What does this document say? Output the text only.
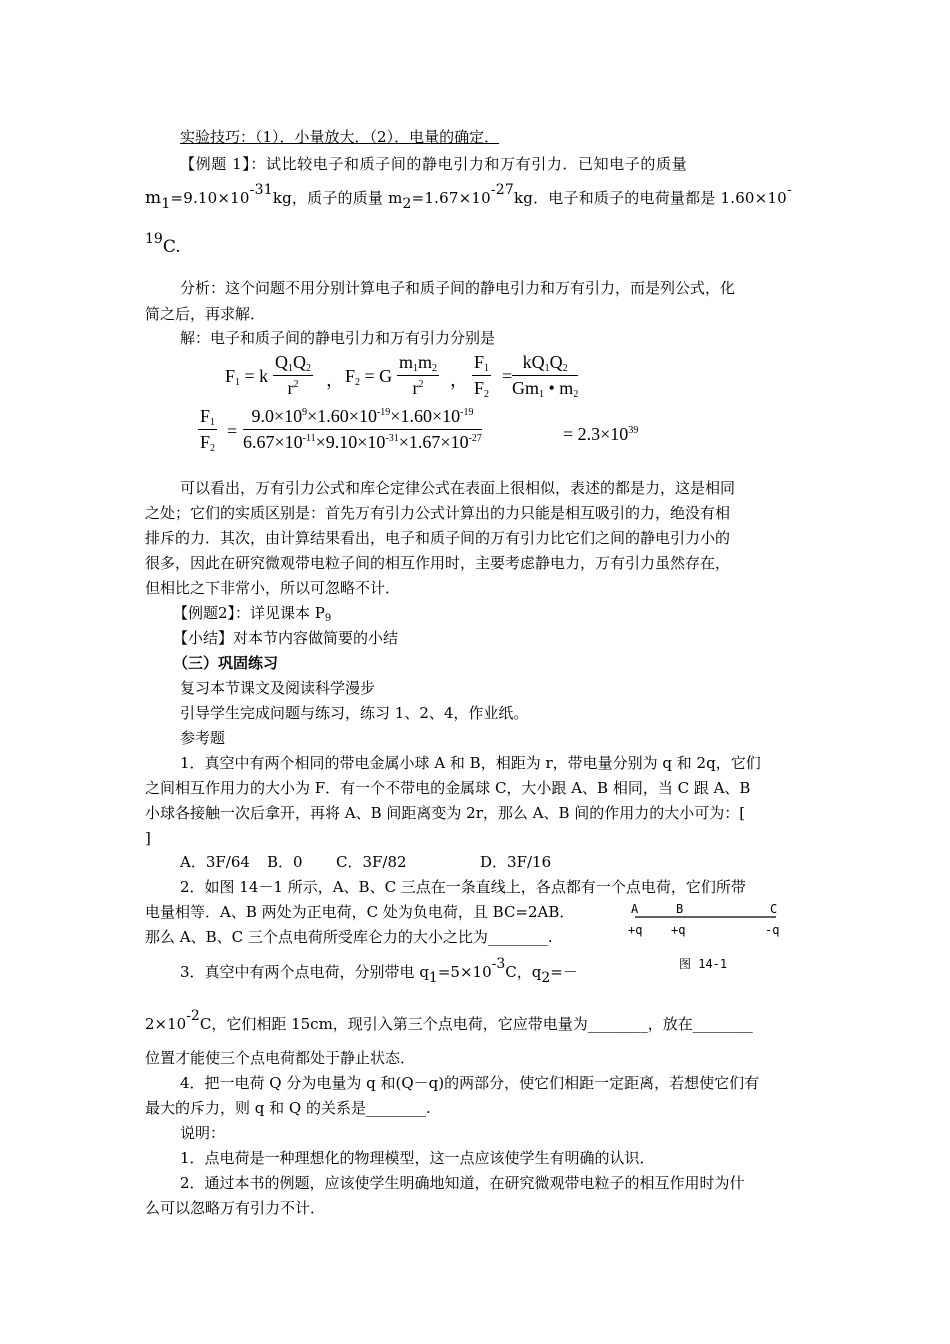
实验技巧：（1）．小量放大．（2）．电量的确定．
【例题 1】：试比较电子和质子间的静电引力和万有引力．已知电子的质量
m1=9.10×10-31kg，质子的质量 m2=1.67×10-27kg．电子和质子的电荷量都是 1.60×10-
19C.
分析：这个问题不用分别计算电子和质子间的静电引力和万有引力，而是列公式，化
简之后，再求解．
解：电子和质子间的静电引力和万有引力分别是
$F_1 = k \frac{Q_1Q_2}{r^2}$ ， $F_2 = G \frac{m_1m_2}{r^2}$ ， $\frac{F_1}{F_2} = \frac{kQ_1Q_2}{Gm_1 • m_2}$
$\frac{F_1}{F_2} = \frac{9.0\times 10^9\times 1.60\times 10^{-19}\times 1.60\times 10^{-19}}{6.67\times 10^{-11}\times 9.10\times 10^{-31}\times 1.67\times 10^{-27}}$	= $2.3\times 10^{39}$
可以看出，万有引力公式和库仑定律公式在表面上很相似，表述的都是力，这是相同
之处；它们的实质区别是：首先万有引力公式计算出的力只能是相互吸引的力，绝没有相
排斥的力．其次，由计算结果看出，电子和质子间的万有引力比它们之间的静电引力小的
很多，因此在研究微观带电粒子间的相互作用时，主要考虑静电力，万有引力虽然存在，
但相比之下非常小，所以可忽略不计．
【例题2】：详见课本 $P_9$
【小结】对本节内容做简要的小结
（三）巩固练习
复习本节课文及阅读科学漫步
引导学生完成问题与练习，练习 1、2、4，作业纸。
参考题
1．真空中有两个相同的带电金属小球 A 和 B，相距为 r，带电量分别为 q 和 2q，它们
之间相互作用力的大小为 F．有一个不带电的金属球 C，大小跟 A、B 相同，当 C 跟 A、B
小球各接触一次后拿开，再将 A、B 间距离变为 2r，那么 A、B 间的作用力的大小可为：[
]
A．3F/64 B．0 C．3F/82	D．3F/16
2．如图 14－1 所示，A、B、C 三点在一条直线上，各点都有一个点电荷，它们所带
电量相等．A、B 两处为正电荷，C 处为负电荷，且 BC=2AB．
那么 A、B、C 三个点电荷所受库仑力的大小之比为________.
A	B	C
+q +q	-q
图 14-1
3．真空中有两个点电荷，分别带电 q1=5×10-3C，q2=－
2×10-2C，它们相距 15cm，现引入第三个点电荷，它应带电量为________，放在________
位置才能使三个点电荷都处于静止状态．
4．把一电荷 Q 分为电量为 q 和(Q－q)的两部分，使它们相距一定距离，若想使它们有
最大的斥力，则 q 和 Q 的关系是________.
说明：
1．点电荷是一种理想化的物理模型，这一点应该使学生有明确的认识．
2．通过本书的例题，应该使学生明确地知道，在研究微观带电粒子的相互作用时为什
么可以忽略万有引力不计．
